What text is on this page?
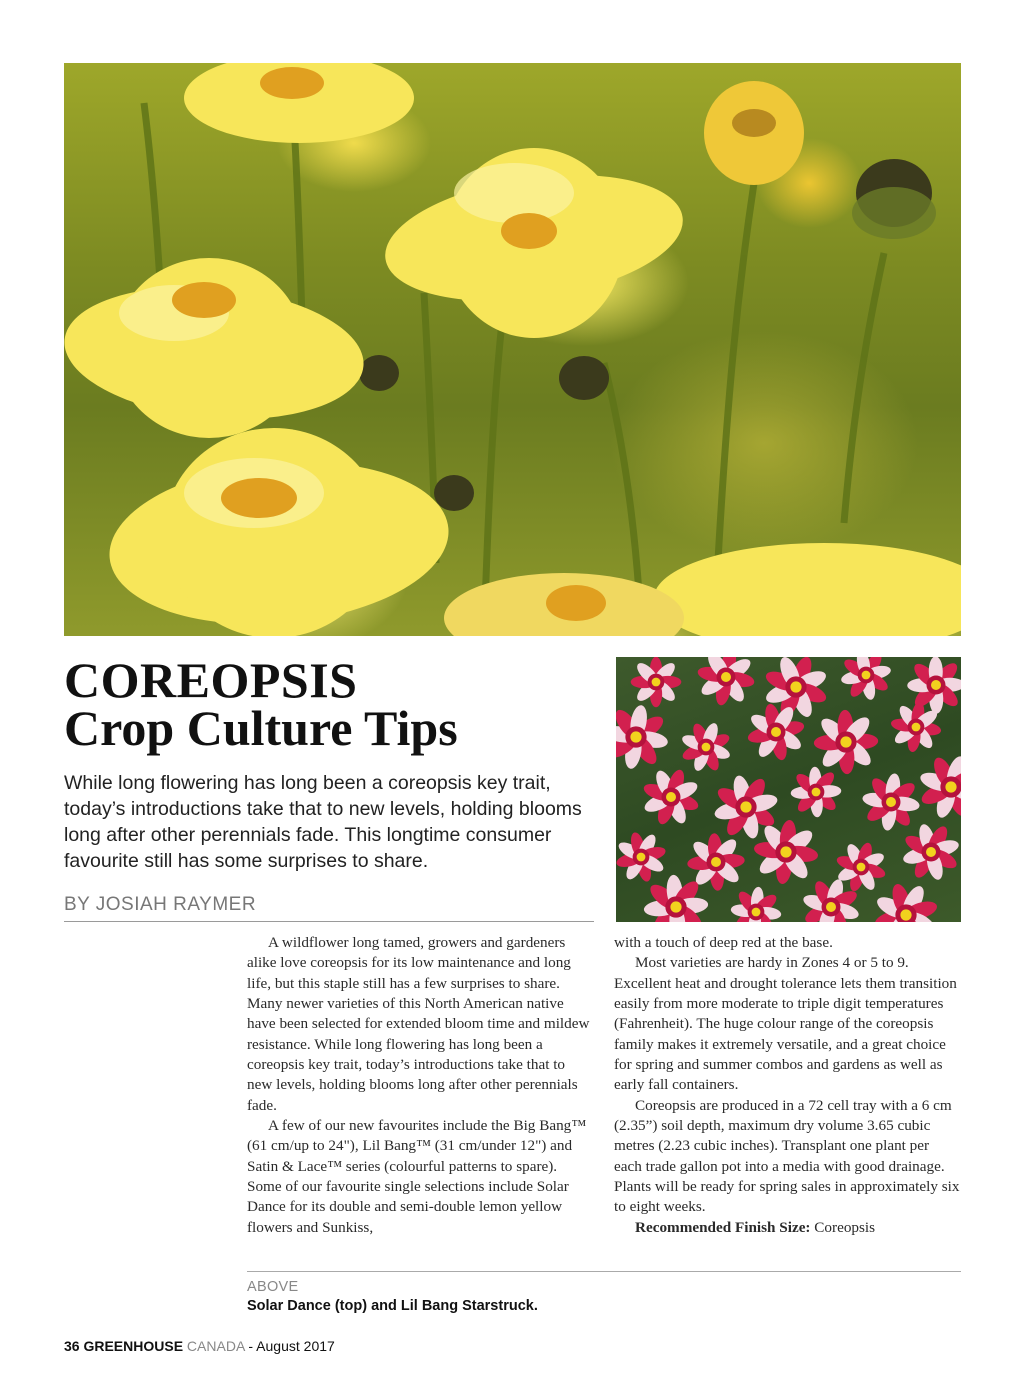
COREOPSIS
Crop Culture Tips
While long flowering has long been a coreopsis key trait, today’s introductions take that to new levels, holding blooms long after other perennials fade. This longtime consumer favourite still has some surprises to share.
BY JOSIAH RAYMER

A wildflower long tamed, growers and gardeners alike love coreopsis for its low maintenance and long life, but this staple still has a few surprises to share. Many newer varieties of this North American native have been selected for extended bloom time and mildew resistance. While long flowering has long been a coreopsis key trait, today’s introductions take that to new levels, holding blooms long after other perennials fade.

A few of our new favourites include the Big Bang™ (61 cm/up to 24"), Lil Bang™ (31 cm/under 12") and Satin & Lace™ series (colourful patterns to spare). Some of our favourite single selections include Solar Dance for its double and semi-double lemon yellow flowers and Sunkiss,

with a touch of deep red at the base.

Most varieties are hardy in Zones 4 or 5 to 9. Excellent heat and drought tolerance lets them transition easily from more moderate to triple digit temperatures (Fahrenheit). The huge colour range of the coreopsis family makes it extremely versatile, and a great choice for spring and summer combos and gardens as well as early fall containers.

Coreopsis are produced in a 72 cell tray with a 6 cm (2.35”) soil depth, maximum dry volume 3.65 cubic metres (2.23 cubic inches). Transplant one plant per each trade gallon pot into a media with good drainage. Plants will be ready for spring sales in approximately six to eight weeks.

Recommended Finish Size: Coreopsis

ABOVE
Solar Dance (top) and Lil Bang Starstruck.
36 GREENHOUSE CANADA - August 2017
